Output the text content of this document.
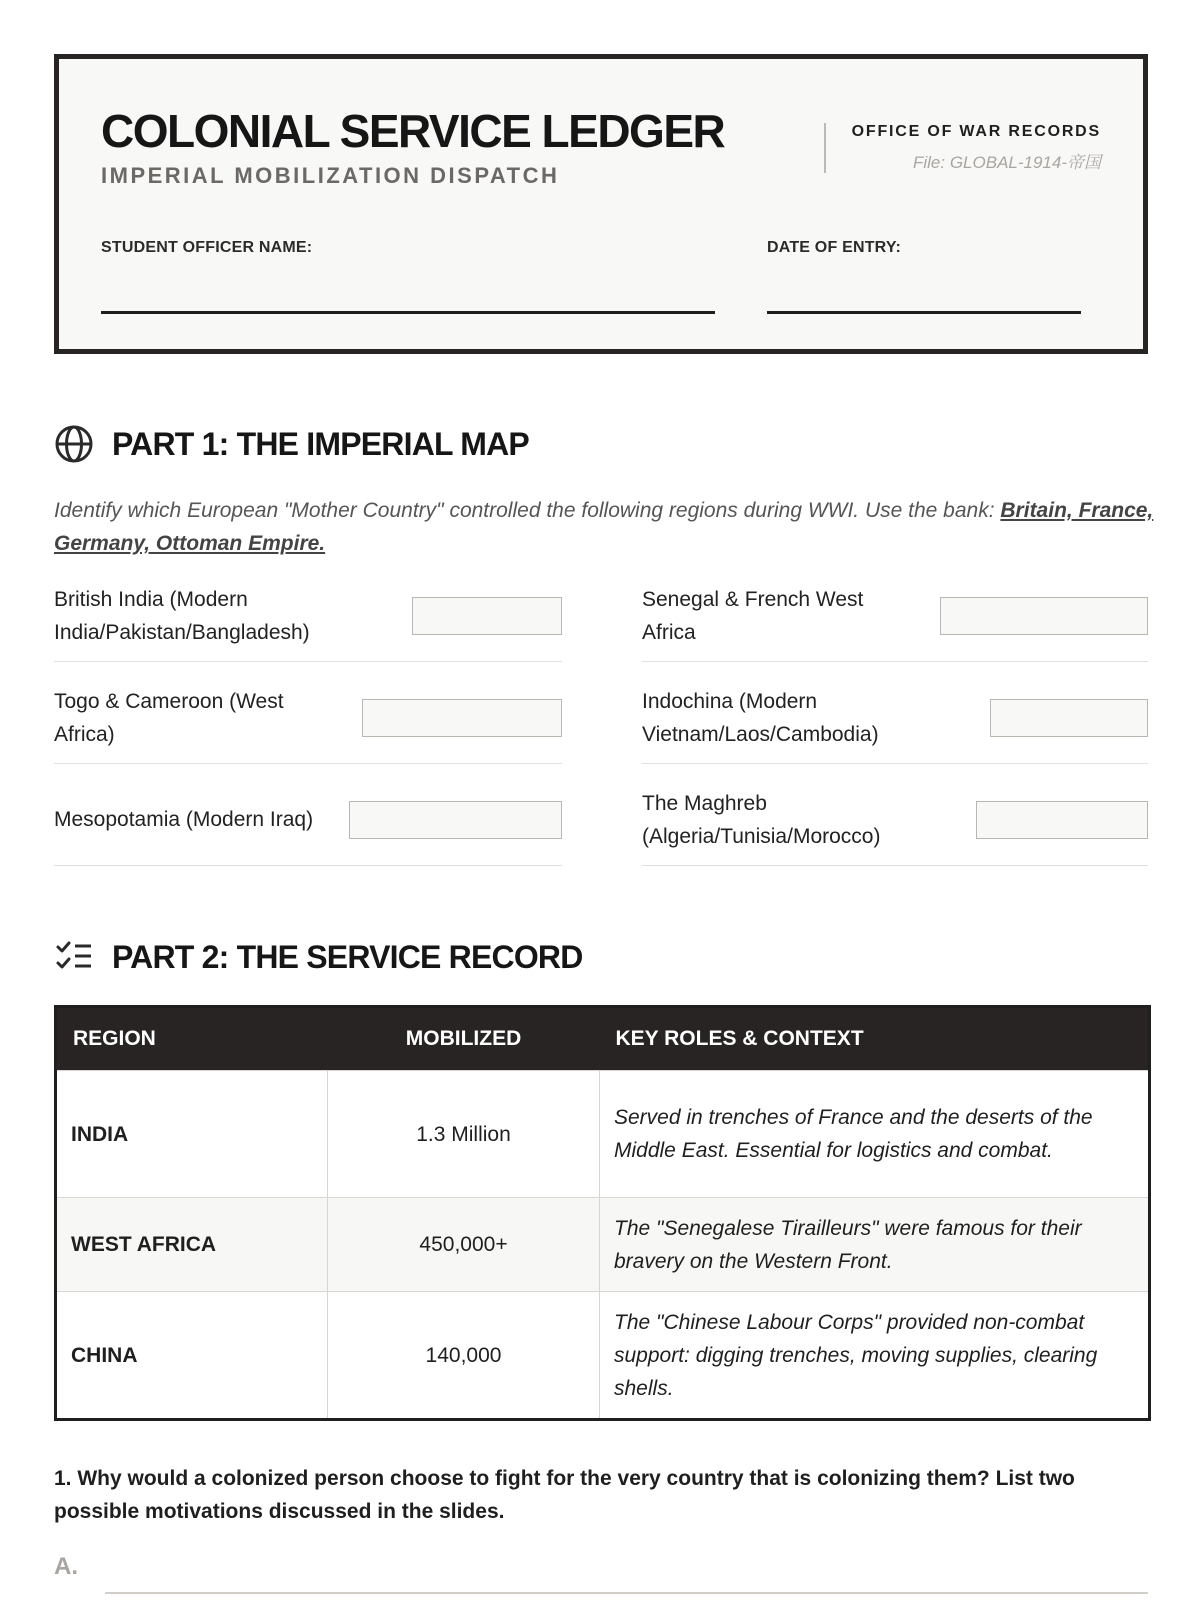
COLONIAL SERVICE LEDGER
IMPERIAL MOBILIZATION DISPATCH
OFFICE OF WAR RECORDS
File: GLOBAL-1914-帝国
STUDENT OFFICER NAME:	DATE OF ENTRY:
PART 1: THE IMPERIAL MAP
Identify which European "Mother Country" controlled the following regions during WWI. Use the bank: Britain, France, Germany, Ottoman Empire.
British India (Modern India/Pakistan/Bangladesh)
Senegal & French West Africa
Togo & Cameroon (West Africa)
Indochina (Modern Vietnam/Laos/Cambodia)
Mesopotamia (Modern Iraq)
The Maghreb (Algeria/Tunisia/Morocco)
PART 2: THE SERVICE RECORD
REGION	MOBILIZED	KEY ROLES & CONTEXT
INDIA	1.3 Million	Served in trenches of France and the deserts of the Middle East. Essential for logistics and combat.
WEST AFRICA	450,000+	The "Senegalese Tirailleurs" were famous for their bravery on the Western Front.
CHINA	140,000	The "Chinese Labour Corps" provided non-combat support: digging trenches, moving supplies, clearing shells.
1. Why would a colonized person choose to fight for the very country that is colonizing them? List two possible motivations discussed in the slides.
A.
